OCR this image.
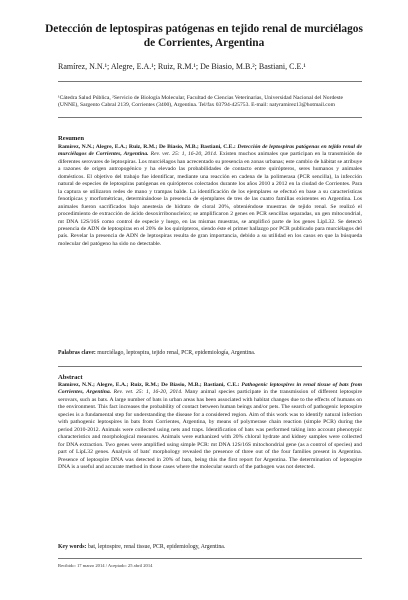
Detección de leptospiras patógenas en tejido renal de murciélagos de Corrientes, Argentina
Ramírez, N.N.¹; Alegre, E.A.¹; Ruiz, R.M.¹; De Biasio, M.B.²; Bastiani, C.E.¹
¹Cátedra Salud Pública, ²Servicio de Biología Molecular, Facultad de Ciencias Veterinarias, Universidad Nacional del Nordeste (UNNE), Sargento Cabral 2139, Corrientes (3400), Argentina. Tel/fax 03794-425753. E-mail: natyramirez13@hotmail.com
Resumen
Ramírez, N.N.; Alegre, E.A.; Ruiz, R.M.; De Biasio, M.B.; Bastiani, C.E.: Detección de leptospiras patógenas en tejido renal de murciélagos de Corrientes, Argentina. Rev. vet. 25: 1, 16-20, 2014. Existen muchos animales que participan en la transmisión de diferentes serovares de leptospiras. Los murciélagos han acrecentado su presencia en zonas urbanas; este cambio de hábitat se atribuye a razones de origen antropogénico y ha elevado las probabilidades de contacto entre quirópteros, seres humanos y animales domésticos. El objetivo del trabajo fue identificar, mediante una reacción en cadena de la polimerasa (PCR sencilla), la infección natural de especies de leptospiras patógenas en quirópteros colectados durante los años 2010 a 2012 en la ciudad de Corrientes. Para la captura se utilizaron redes de mano y trampas balde. La identificación de los ejemplares se efectuó en base a su características fenotípicas y morfométricas, determinándose la presencia de ejemplares de tres de las cuatro familias existentes en Argentina. Los animales fueron sacrificados bajo anestesia de hidrato de cloral 20%, obteniéndose muestras de tejido renal. Se realizó el procedimiento de extracción de ácido desoxirribonucleico; se amplificaron 2 genes en PCR sencillas separadas, un gen mitocondrial, mt DNA 12S/16S como control de especie y luego, en las mismas muestras, se amplificó parte de los genes LipL32. Se detectó presencia de ADN de leptospiras en el 20% de los quirópteros, siendo éste el primer hallazgo por PCR publicado para murciélagos del país. Revelar la presencia de ADN de leptospiras resulta de gran importancia, debido a su utilidad en los casos en que la búsqueda molecular del patógeno ha sido no detectable.
Palabras clave: murciélago, leptospira, tejido renal, PCR, epidemiología, Argentina.
Abstract
Ramírez, N.N.; Alegre, E.A.; Ruiz, R.M.; De Biasio, M.B.; Bastiani, C.E.: Pathogenic leptospires in renal tissue of bats from Corrientes, Argentina. Rev. vet. 25: 1, 16-20, 2014. Many animal species participate in the transmission of different leptospire serovars, such as bats. A large number of bats in urban areas has been associated with habitat changes due to the effects of humans on the environment. This fact increases the probability of contact between human beings and/or pets. The search of pathogenic leptospire species is a fundamental step for understanding the disease for a considered region. Aim of this work was to identify natural infection with pathogenic leptospires in bats from Corrientes, Argentina, by means of polymerase chain reaction (simple PCR) during the period 2010-2012. Animals were collected using nets and traps. Identification of bats was performed taking into account phenotypic characteristics and morphological measures. Animals were euthanized with 20% chloral hydrate and kidney samples were collected for DNA extraction. Two genes were amplified using simple PCR: mt DNA 12S/16S mitochondrial gene (as a control of species) and part of LipL32 genes. Analysis of bats' morphology revealed the presence of three out of the four families present in Argentina. Presence of leptospire DNA was detected in 20% of bats, being this the first report for Argentina. The determination of leptospire DNA is a useful and accurate method in those cases where the molecular search of the pathogen was not detected.
Key words: bat, leptospire, renal tissue, PCR, epidemiology, Argentina.
Recibido: 17 marzo 2014 / Aceptado: 25 abril 2014
